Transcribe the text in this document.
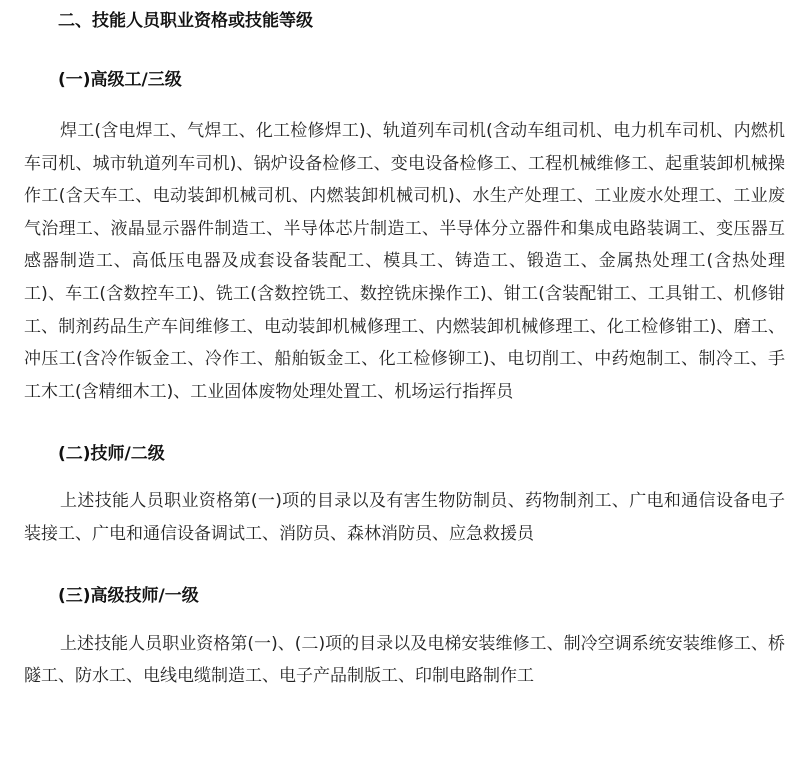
二、技能人员职业资格或技能等级
(一)高级工/三级

焊工(含电焊工、气焊工、化工检修焊工)、轨道列车司机(含动车组司机、电力机车司机、内燃机车司机、城市轨道列车司机)、锅炉设备检修工、变电设备检修工、工程机械维修工、起重装卸机械操作工(含天车工、电动装卸机械司机、内燃装卸机械司机)、水生产处理工、工业废水处理工、工业废气治理工、液晶显示器件制造工、半导体芯片制造工、半导体分立器件和集成电路装调工、变压器互感器制造工、高低压电器及成套设备装配工、模具工、铸造工、锻造工、金属热处理工(含热处理工)、车工(含数控车工)、铣工(含数控铣工、数控铣床操作工)、钳工(含装配钳工、工具钳工、机修钳工、制剂药品生产车间维修工、电动装卸机械修理工、内燃装卸机械修理工、化工检修钳工)、磨工、冲压工(含冷作钣金工、冷作工、船舶钣金工、化工检修铆工)、电切削工、中药炮制工、制冷工、手工木工(含精细木工)、工业固体废物处理处置工、机场运行指挥员

(二)技师/二级

上述技能人员职业资格第(一)项的目录以及有害生物防制员、药物制剂工、广电和通信设备电子装接工、广电和通信设备调试工、消防员、森林消防员、应急救援员

(三)高级技师/一级

上述技能人员职业资格第(一)、(二)项的目录以及电梯安装维修工、制冷空调系统安装维修工、桥隧工、防水工、电线电缆制造工、电子产品制版工、印制电路制作工
